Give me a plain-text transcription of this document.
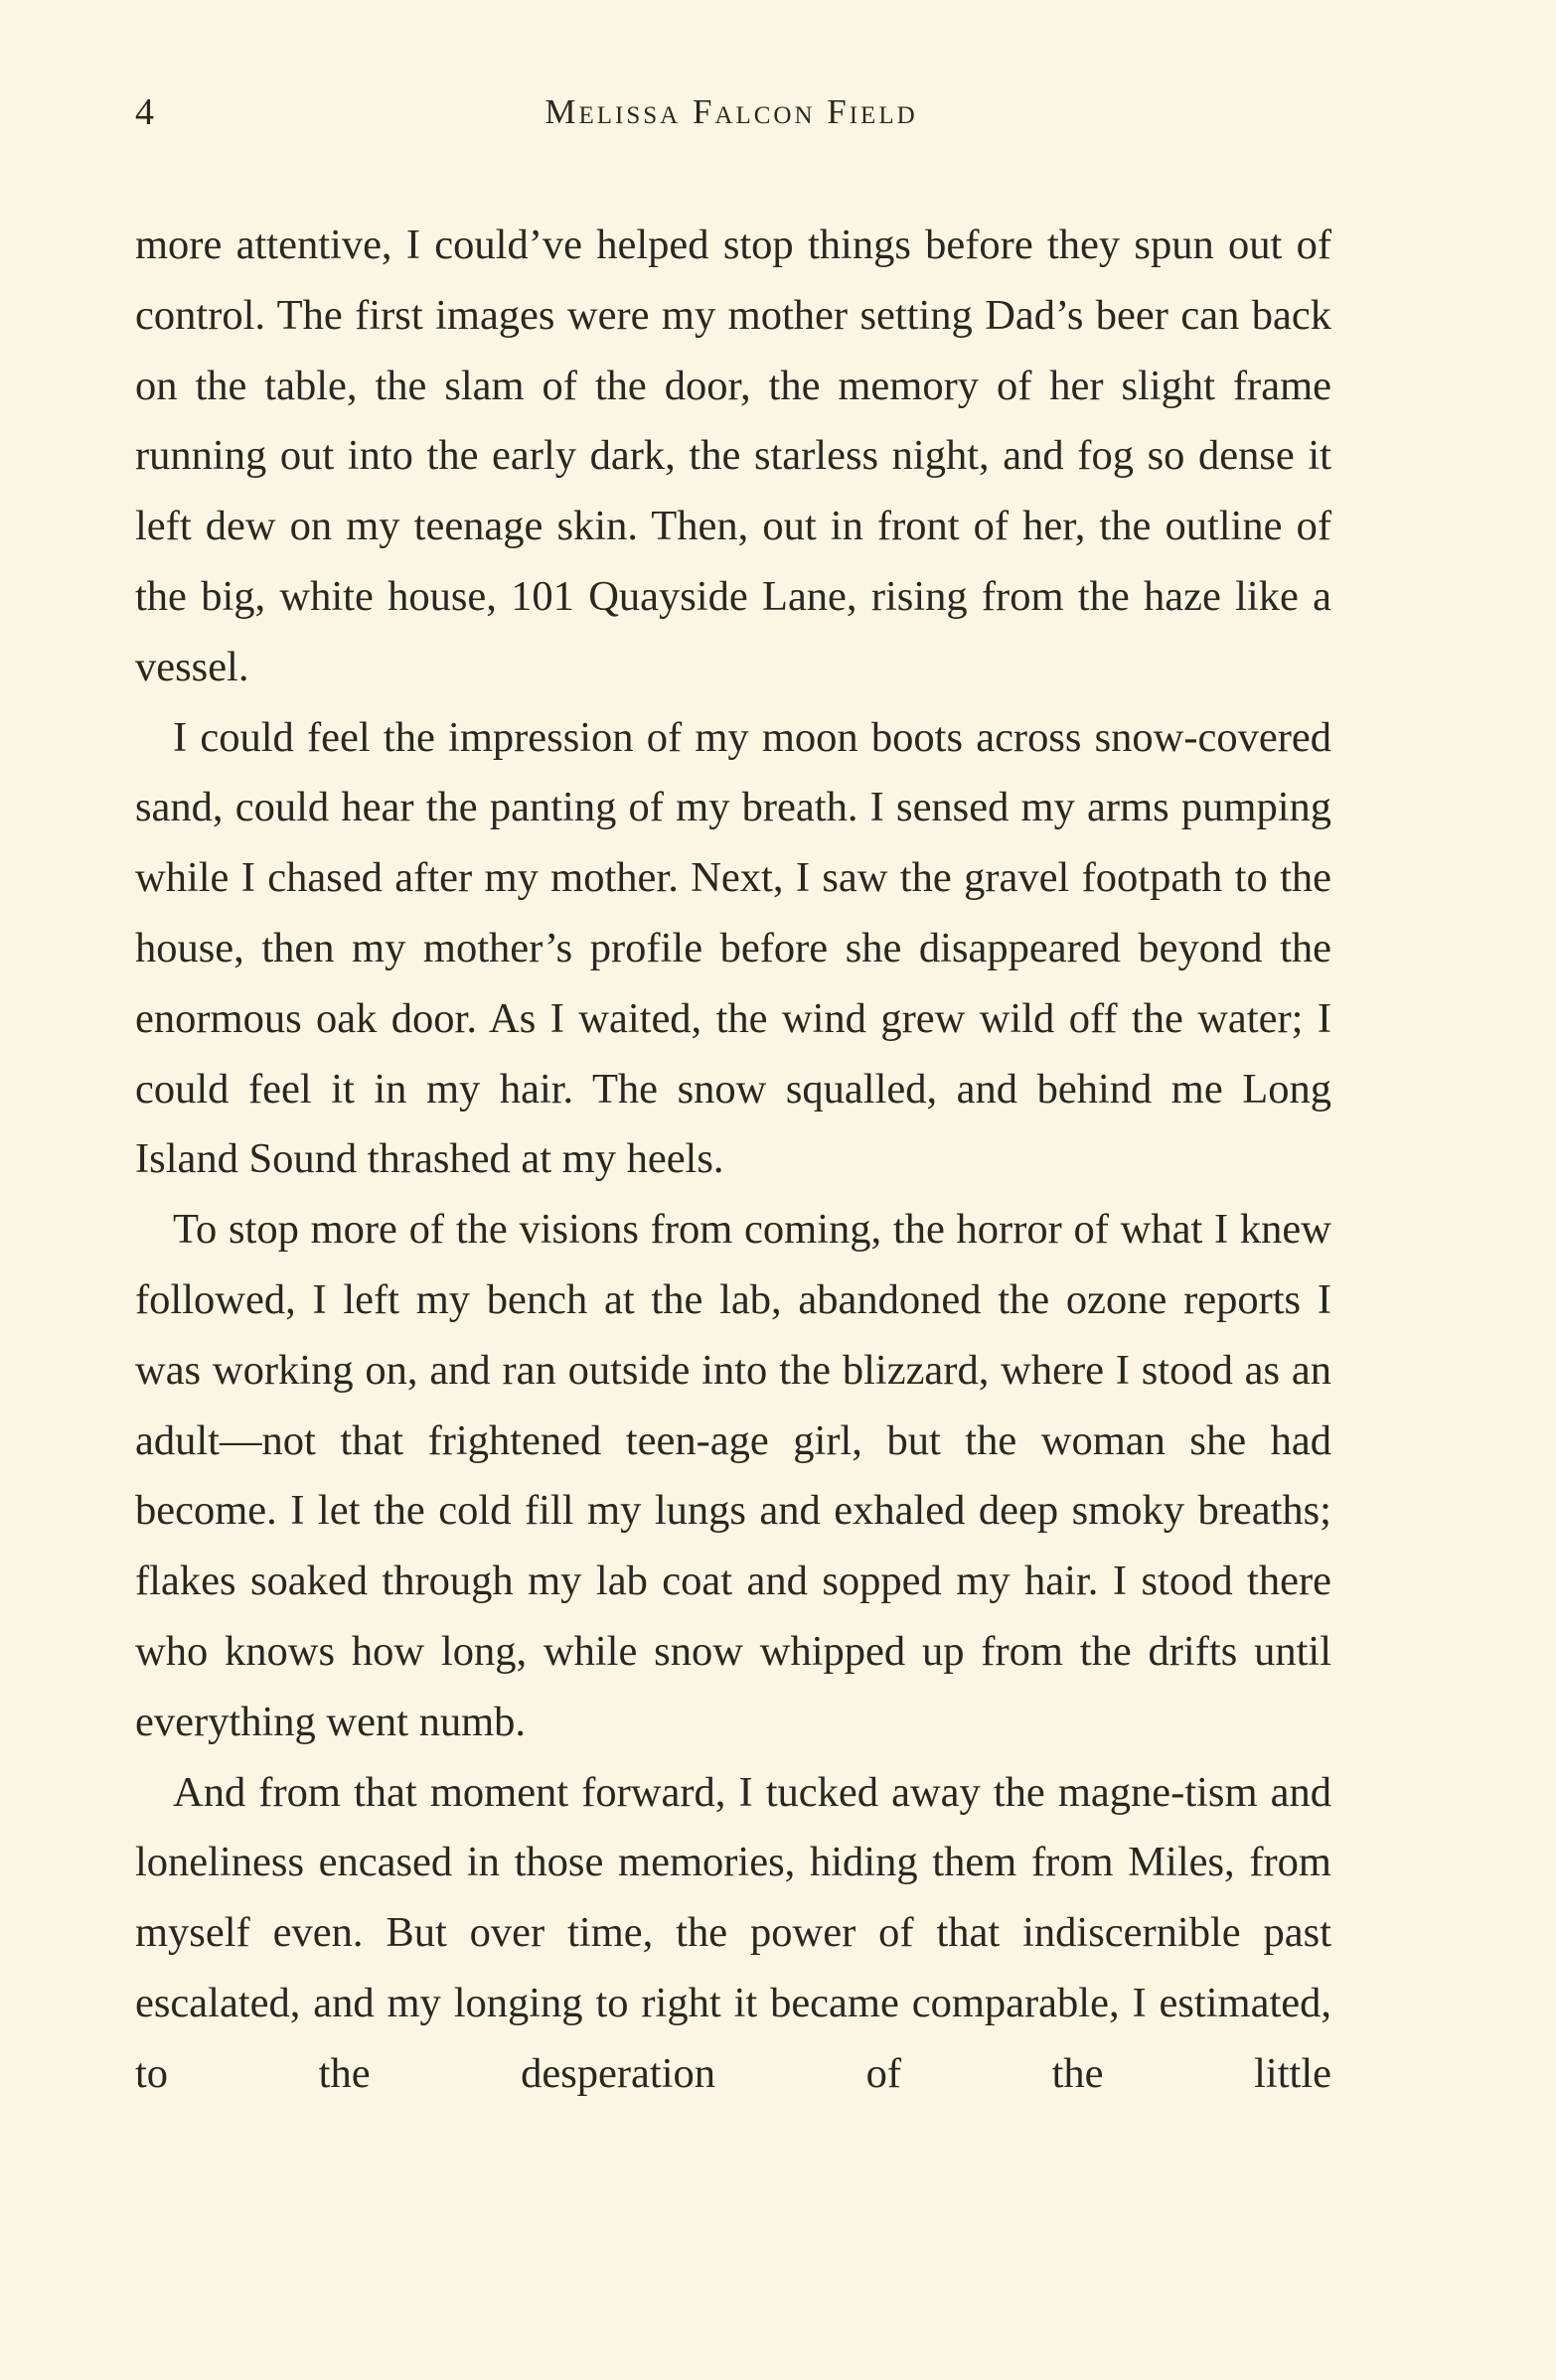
4	Melissa Falcon Field

more attentive, I could’ve helped stop things before they spun out of control. The first images were my mother setting Dad’s beer can back on the table, the slam of the door, the memory of her slight frame running out into the early dark, the starless night, and fog so dense it left dew on my teenage skin. Then, out in front of her, the outline of the big, white house, 101 Quayside Lane, rising from the haze like a vessel.

I could feel the impression of my moon boots across snow-covered sand, could hear the panting of my breath. I sensed my arms pumping while I chased after my mother. Next, I saw the gravel footpath to the house, then my mother’s profile before she disappeared beyond the enormous oak door. As I waited, the wind grew wild off the water; I could feel it in my hair. The snow squalled, and behind me Long Island Sound thrashed at my heels.

To stop more of the visions from coming, the horror of what I knew followed, I left my bench at the lab, abandoned the ozone reports I was working on, and ran outside into the blizzard, where I stood as an adult—not that frightened teen-age girl, but the woman she had become. I let the cold fill my lungs and exhaled deep smoky breaths; flakes soaked through my lab coat and sopped my hair. I stood there who knows how long, while snow whipped up from the drifts until everything went numb.

And from that moment forward, I tucked away the magne-tism and loneliness encased in those memories, hiding them from Miles, from myself even. But over time, the power of that indiscernible past escalated, and my longing to right it became comparable, I estimated, to the desperation of the little
